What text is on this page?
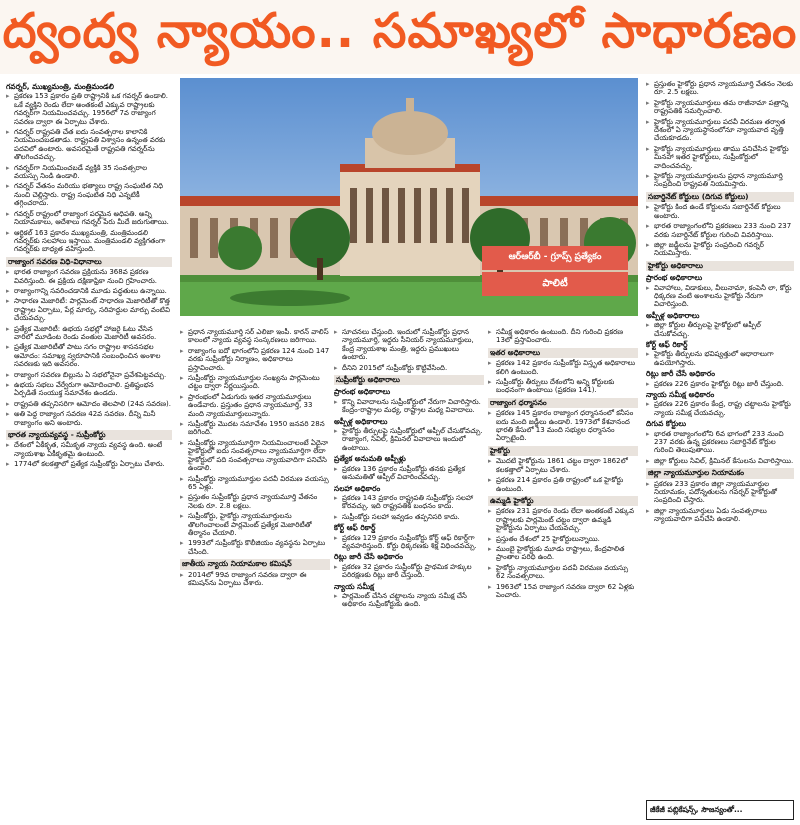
ద్వంద్వ న్యాయం.. సమాఖ్యలో సాధారణం
గవర్నర్, ముఖ్యమంత్రి, మంత్రిమండలి
▸ ప్రకరణ 153 ప్రకారం ప్రతి రాష్ట్రానికి ఒక గవర్నర్ ఉండాలి. ఒకే వ్యక్తిని రెండు లేదా అంతకంటే ఎక్కువ రాష్ట్రాలకు గవర్నర్‌గా నియమించవచ్చు. 1956లో 7వ రాజ్యాంగ సవరణ ద్వారా ఈ ఏర్పాటు చేశారు.
▸ గవర్నర్ రాష్ట్రపతి చేత ఐదు సంవత్సరాల కాలానికి నియమించబడతాడు. రాష్ట్రపతి విశ్వాసం ఉన్నంత వరకు పదవిలో ఉంటారు. అవసరమైతే రాష్ట్రపతి గవర్నర్‌ను తొలగించవచ్చు.
▸ గవర్నర్‌గా నియమించబడే వ్యక్తికి 35 సంవత్సరాల వయస్సు నిండి ఉండాలి.
▸ గవర్నర్ వేతనం మరియు భత్యాలు రాష్ట్ర సంఘటిత నిధి నుంచి చెల్లిస్తారు. రాష్ట్ర సంఘటిత నిధి ఎన్నటికీ తగ్గించరాదు.
▸ గవర్నర్ రాష్ట్రంలో రాజ్యాంగ పరమైన అధిపతి. అన్ని నియామకాలు, ఆదేశాలు గవర్నర్ పేరు మీదే జరుగుతాయి.
▸ ఆర్టికల్ 163 ప్రకారం ముఖ్యమంత్రి, మంత్రిమండలి గవర్నర్‌కు సలహాలు ఇస్తాయి. మంత్రిమండలి వ్యక్తిగతంగా గవర్నర్‌కు బాధ్యత వహిస్తుంది.
రాజ్యాంగ సవరణ విధి-విధానాలు
▸ భారత రాజ్యాంగ సవరణ ప్రక్రియను 368వ ప్రకరణ వివరిస్తుంది. ఈ ప్రక్రియ దక్షిణాఫ్రికా నుంచి గ్రహించారు.
▸ రాజ్యాంగాన్ని సవరించడానికి మూడు పద్ధతులు ఉన్నాయి.
▸ సాధారణ మెజారిటీ: పార్లమెంట్ సాధారణ మెజారిటీతో కొత్త రాష్ట్రాల ఏర్పాటు, పేర్ల మార్పు, సరిహద్దుల మార్పు వంటివి చేయవచ్చు.
▸ ప్రత్యేక మెజారిటీ: ఉభయ సభల్లో హాజరై ఓటు వేసిన వారిలో మూడింట రెండు వంతుల మెజారిటీ అవసరం.
▸ ప్రత్యేక మెజారిటీతో పాటు సగం రాష్ట్రాల శాసనసభల ఆమోదం: సమాఖ్య స్వరూపానికి సంబంధించిన అంశాల సవరణకు ఇది అవసరం.
▸ రాజ్యాంగ సవరణ బిల్లును ఏ సభలోనైనా ప్రవేశపెట్టవచ్చు.
▸ ఉభయ సభలు వేర్వేరుగా ఆమోదించాలి. ప్రతిష్టంభన ఏర్పడితే సంయుక్త సమావేశం ఉండదు.
▸ రాష్ట్రపతి తప్పనిసరిగా ఆమోదం తెలపాలి (24వ సవరణ).
▸ అతి పెద్ద రాజ్యాంగ సవరణ 42వ సవరణ. దీన్ని మినీ రాజ్యాంగం అని అంటారు.
భారత న్యాయవ్యవస్థ - సుప్రీంకోర్టు
▸ దేశంలో ఏకీకృత, సమీకృత న్యాయ వ్యవస్థ ఉంది. అంటే న్యాయశాఖ ఏకీకృతమై ఉంటుంది.
▸ 1774లో కలకత్తాలో ప్రత్యేక సుప్రీంకోర్టు ఏర్పాటు చేశారు.
ఆర్‌ఆర్‌బీ - గ్రూప్స్ ప్రత్యేకం
పాలిటీ
▸ ప్రధాన న్యాయమూర్తి సర్ ఎలిజా ఇంపీ. కారన్ వాలిస్ కాలంలో న్యాయ వ్యవస్థ సంస్కరణలు జరిగాయి.
▸ రాజ్యాంగం ఐదో భాగంలోని ప్రకరణ 124 నుంచి 147 వరకు సుప్రీంకోర్టు నిర్మాణం, అధికారాలు ప్రస్తావించారు.
▸ సుప్రీంకోర్టు న్యాయమూర్తుల సంఖ్యను పార్లమెంటు చట్టం ద్వారా నిర్ణయిస్తుంది.
▸ ప్రారంభంలో ఏడుగురు ఇతర న్యాయమూర్తులు ఉండేవారు. ప్రస్తుతం ప్రధాన న్యాయమూర్తి, 33 మంది న్యాయమూర్తులున్నారు.
▸ సుప్రీంకోర్టు మొదట సమావేశం 1950 జనవరి 28న జరిగింది.
▸ సుప్రీంకోర్టు న్యాయమూర్తిగా నియమించాలంటే ఏదైనా హైకోర్టులో ఐదు సంవత్సరాలు న్యాయమూర్తిగా లేదా హైకోర్టులో పది సంవత్సరాలు న్యాయవాదిగా పనిచేసి ఉండాలి.
▸ సుప్రీంకోర్టు న్యాయమూర్తుల పదవీ విరమణ వయస్సు 65 ఏళ్లు.
▸ ప్రస్తుతం సుప్రీంకోర్టు ప్రధాన న్యాయమూర్తి వేతనం నెలకు రూ. 2.8 లక్షలు.
▸ సుప్రీంకోర్టు, హైకోర్టు న్యాయమూర్తులను తొలగించాలంటే పార్లమెంట్ ప్రత్యేక మెజారిటీతో తీర్మానం చేయాలి.
▸ 1993లో సుప్రీంకోర్టు కొలీజియం వ్యవస్థను ఏర్పాటు చేసింది.
జాతీయ న్యాయ నియామకాల కమిషన్
▸ 2014లో 99వ రాజ్యాంగ సవరణ ద్వారా ఈ కమిషన్‌ను ఏర్పాటు చేశారు.
▸ సూచనలు చేస్తుంది. ఇందులో సుప్రీంకోర్టు ప్రధాన న్యాయమూర్తి, ఇద్దరు సీనియర్ న్యాయమూర్తులు, కేంద్ర న్యాయశాఖ మంత్రి, ఇద్దరు ప్రముఖులు ఉంటారు.
▸ దీనిని 2015లో సుప్రీంకోర్టు కొట్టివేసింది.
సుప్రీంకోర్టు అధికారాలు
ప్రారంభ అధికారాలు
▸ కొన్ని వివాదాలను సుప్రీంకోర్టులో నేరుగా విచారిస్తారు. కేంద్రం-రాష్ట్రాల మధ్య, రాష్ట్రాల మధ్య వివాదాలు.
అప్పీళ్ల అధికారాలు
▸ హైకోర్టు తీర్పులపై సుప్రీంకోర్టులో అప్పీల్ చేసుకోవచ్చు. రాజ్యాంగ, సివిల్, క్రిమినల్ వివాదాలు ఇందులో ఉంటాయి.
ప్రత్యేక అనుమతి అప్పీళ్లు
▸ ప్రకరణ 136 ప్రకారం సుప్రీంకోర్టు తనకు ప్రత్యేక అనుమతితో అప్పీల్ విచారించవచ్చు.
సలహా అధికారం
▸ ప్రకరణ 143 ప్రకారం రాష్ట్రపతి సుప్రీంకోర్టు సలహా కోరవచ్చు. ఇది రాష్ట్రపతికి బంధనం కాదు.
▸ సుప్రీంకోర్టు సలహా ఇవ్వడం తప్పనిసరి కాదు.
కోర్ట్ ఆఫ్ రికార్డ్
▸ ప్రకరణ 129 ప్రకారం సుప్రీంకోర్టు కోర్ట్ ఆఫ్ రికార్డ్‌గా వ్యవహరిస్తుంది. కోర్టు ధిక్కరణకు శిక్ష విధించవచ్చు.
రిట్లు జారీ చేసే అధికారం
▸ ప్రకరణ 32 ప్రకారం సుప్రీంకోర్టు ప్రాథమిక హక్కుల పరిరక్షణకు రిట్లు జారీ చేస్తుంది.
న్యాయ సమీక్ష
▸ పార్లమెంట్ చేసిన చట్టాలను న్యాయ సమీక్ష చేసే అధికారం సుప్రీంకోర్టుకు ఉంది.
▸ సమీక్ష అధికారం ఉంటుంది. దీని గురించి ప్రకరణ 13లో ప్రస్తావించారు.
ఇతర అధికారాలు
▸ ప్రకరణ 142 ప్రకారం సుప్రీంకోర్టు విస్తృత అధికారాలు కలిగి ఉంటుంది.
▸ సుప్రీంకోర్టు తీర్పులు దేశంలోని అన్ని కోర్టులకు బంధనంగా ఉంటాయి (ప్రకరణ 141).
రాజ్యాంగ ధర్మాసనం
▸ ప్రకరణ 145 ప్రకారం రాజ్యాంగ ధర్మాసనంలో కనీసం ఐదు మంది జడ్జీలు ఉండాలి. 1973లో కేశవానంద భారతి కేసులో 13 మంది సభ్యుల ధర్మాసనం ఏర్పాటైంది.
హైకోర్టు
▸ మొదటి హైకోర్టును 1861 చట్టం ద్వారా 1862లో కలకత్తాలో ఏర్పాటు చేశారు.
▸ ప్రకరణ 214 ప్రకారం ప్రతి రాష్ట్రంలో ఒక హైకోర్టు ఉంటుంది.
ఉమ్మడి హైకోర్టు
▸ ప్రకరణ 231 ప్రకారం రెండు లేదా అంతకంటే ఎక్కువ రాష్ట్రాలకు పార్లమెంట్ చట్టం ద్వారా ఉమ్మడి హైకోర్టును ఏర్పాటు చేయవచ్చు.
▸ ప్రస్తుతం దేశంలో 25 హైకోర్టులున్నాయి.
▸ ముంబై హైకోర్టుకు మూడు రాష్ట్రాలు, కేంద్రపాలిత ప్రాంతాల పరిధి ఉంది.
▸ హైకోర్టు న్యాయమూర్తుల పదవీ విరమణ వయస్సు 62 సంవత్సరాలు.
▸ 1963లో 15వ రాజ్యాంగ సవరణ ద్వారా 62 ఏళ్లకు పెంచారు.
▸ ప్రస్తుతం హైకోర్టు ప్రధాన న్యాయమూర్తి వేతనం నెలకు రూ. 2.5 లక్షలు.
▸ హైకోర్టు న్యాయమూర్తులు తమ రాజీనామా పత్రాన్ని రాష్ట్రపతికి సమర్పించాలి.
▸ హైకోర్టు న్యాయమూర్తులు పదవీ విరమణ తర్వాత దేశంలో ఏ న్యాయస్థానంలోనూ న్యాయవాద వృత్తి చేయకూడదు.
▸ హైకోర్టు న్యాయమూర్తులు తాము పనిచేసిన హైకోర్టు మినహా ఇతర హైకోర్టులు, సుప్రీంకోర్టులో వాదించవచ్చు.
▸ హైకోర్టు న్యాయమూర్తులను ప్రధాన న్యాయమూర్తి సంప్రదించి రాష్ట్రపతి నియమిస్తారు.
సబార్డినేట్ కోర్టులు (దిగువ కోర్టులు)
▸ హైకోర్టు కింద ఉండే కోర్టులను సబార్డినేట్ కోర్టులు అంటారు.
▸ భారత రాజ్యాంగంలోని ప్రకరణలు 233 నుంచి 237 వరకు సబార్డినేట్ కోర్టుల గురించి వివరిస్తాయి.
▸ జిల్లా జడ్జీలను హైకోర్టు సంప్రదించి గవర్నర్ నియమిస్తారు.
హైకోర్టు అధికారాలు
ప్రారంభ అధికారాలు
▸ వివాహాలు, విడాకులు, వీలునామా, కంపెనీ లా, కోర్టు ధిక్కరణ వంటి అంశాలను హైకోర్టు నేరుగా విచారిస్తుంది.
అప్పీళ్ల అధికారాలు
▸ జిల్లా కోర్టుల తీర్పులపై హైకోర్టులో అప్పీల్ చేసుకోవచ్చు.
కోర్ట్ ఆఫ్ రికార్డ్
▸ హైకోర్టు తీర్పులను భవిష్యత్తులో ఆధారాలుగా ఉపయోగిస్తారు.
రిట్లు జారీ చేసే అధికారం
▸ ప్రకరణ 226 ప్రకారం హైకోర్టు రిట్లు జారీ చేస్తుంది.
న్యాయ సమీక్ష అధికారం
▸ ప్రకరణ 226 ప్రకారం కేంద్ర, రాష్ట్ర చట్టాలను హైకోర్టు న్యాయ సమీక్ష చేయవచ్చు.
దిగువ కోర్టులు
▸ భారత రాజ్యాంగంలోని 6వ భాగంలో 233 నుంచి 237 వరకు ఉన్న ప్రకరణలు సబార్డినేట్ కోర్టుల గురించి తెలుపుతాయి.
▸ జిల్లా కోర్టులు సివిల్, క్రిమినల్ కేసులను విచారిస్తాయి.
జిల్లా న్యాయమూర్తుల నియామకం
▸ ప్రకరణ 233 ప్రకారం జిల్లా న్యాయమూర్తుల నియామకం, పదోన్నతులను గవర్నర్ హైకోర్టుతో సంప్రదించి చేస్తారు.
▸ జిల్లా న్యాయమూర్తులు ఏడు సంవత్సరాలు న్యాయవాదిగా పనిచేసి ఉండాలి.
జీకేజీ పబ్లికేషన్స్, సౌజన్యంతో...
